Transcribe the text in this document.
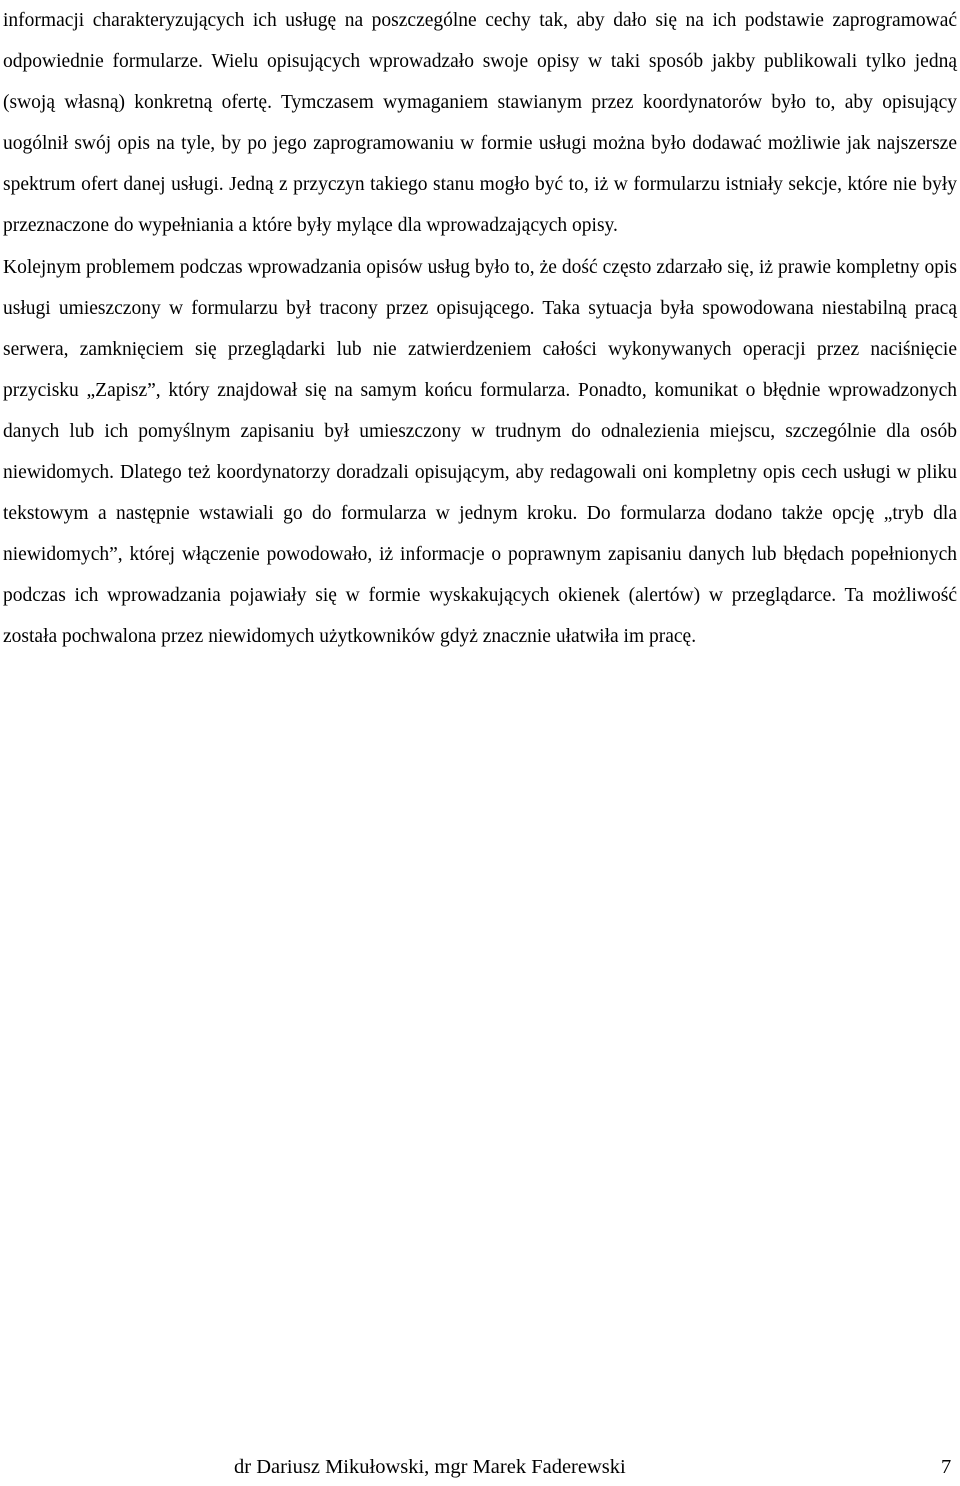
informacji charakteryzujących ich usługę na poszczególne cechy tak, aby dało się na ich podstawie zaprogramować odpowiednie formularze. Wielu opisujących wprowadzało swoje opisy w taki sposób jakby publikowali tylko jedną (swoją własną) konkretną ofertę. Tymczasem wymaganiem stawianym przez koordynatorów było to, aby opisujący uogólnił swój opis na tyle, by po jego zaprogramowaniu w formie usługi można było dodawać możliwie jak najszersze spektrum ofert danej usługi. Jedną z przyczyn takiego stanu mogło być to, iż w formularzu istniały sekcje, które nie były przeznaczone do wypełniania a które były mylące dla wprowadzających opisy.

Kolejnym problemem podczas wprowadzania opisów usług było to, że dość często zdarzało się, iż prawie kompletny opis usługi umieszczony w formularzu był tracony przez opisującego. Taka sytuacja była spowodowana niestabilną pracą serwera, zamknięciem się przeglądarki lub nie zatwierdzeniem całości wykonywanych operacji przez naciśnięcie przycisku „Zapisz”, który znajdował się na samym końcu formularza. Ponadto, komunikat o błędnie wprowadzonych danych lub ich pomyślnym zapisaniu był umieszczony w trudnym do odnalezienia miejscu, szczególnie dla osób niewidomych. Dlatego też koordynatorzy doradzali opisującym, aby redagowali oni kompletny opis cech usługi w pliku tekstowym a następnie wstawiali go do formularza w jednym kroku. Do formularza dodano także opcję „tryb dla niewidomych”, której włączenie powodowało, iż informacje o poprawnym zapisaniu danych lub błędach popełnionych podczas ich wprowadzania pojawiały się w formie wyskakujących okienek (alertów) w przeglądarce. Ta możliwość została pochwalona przez niewidomych użytkowników gdyż znacznie ułatwiła im pracę.

dr Dariusz Mikułowski, mgr Marek Faderewski	7
